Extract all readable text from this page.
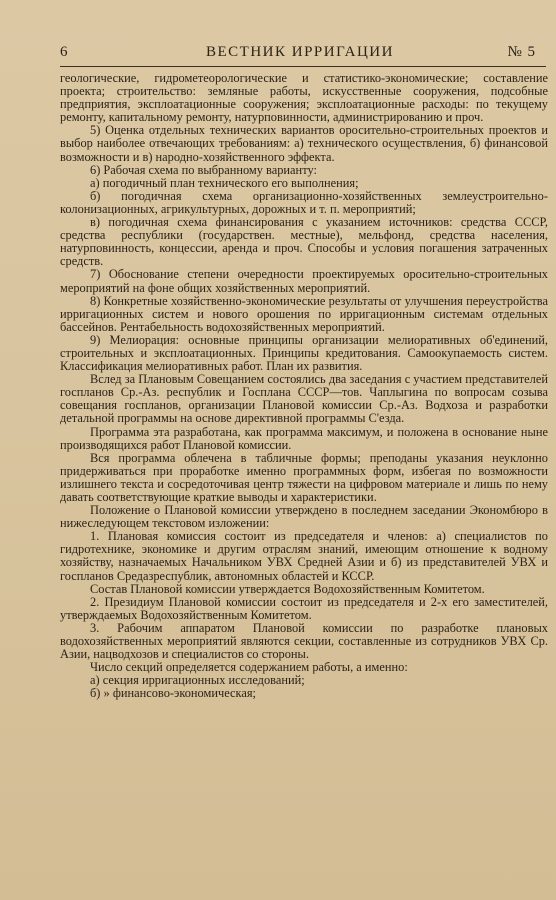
6	ВЕСТНИК ИРРИГАЦИИ	№ 5

геологические, гидрометеорологические и статистико-экономические; составление проекта; строительство: земляные работы, искусственные сооружения, подсобные предприятия, эксплоатационные сооружения; эксплоатационные расходы: по текущему ремонту, капитальному ремонту, натурповинности, администрированию и проч.

5) Оценка отдельных технических вариантов оросительно-строительных проектов и выбор наиболее отвечающих требованиям: а) технического осуществления, б) финансовой возможности и в) народно-хозяйственного эффекта.

6) Рабочая схема по выбранному варианту:

а) погодичный план технического его выполнения;

б) погодичная схема организационно-хозяйственных землеустроительно-колонизационных, агрикультурных, дорожных и т. п. мероприятий;

в) погодичная схема финансирования с указанием источников: средства СССР, средства республики (государствен. местные), мельфонд, средства населения, натурповинность, концессии, аренда и проч. Способы и условия погашения затраченных средств.

7) Обоснование степени очередности проектируемых оросительно-строительных мероприятий на фоне общих хозяйственных мероприятий.

8) Конкретные хозяйственно-экономические результаты от улучшения переустройства ирригационных систем и нового орошения по ирригационным системам отдельных бассейнов. Рентабельность водохозяйственных мероприятий.

9) Мелиорация: основные принципы организации мелиоративных об'единений, строительных и эксплоатационных. Принципы кредитования. Самоокупаемость систем. Классификация мелиоративных работ. План их развития.

Вслед за Плановым Совещанием состоялись два заседания с участием представителей госпланов Ср.-Аз. республик и Госплана СССР—тов. Чаплыгина по вопросам созыва совещания госпланов, организации Плановой комиссии Ср.-Аз. Водхоза и разработки детальной программы на основе директивной программы С'езда.

Программа эта разработана, как программа максимум, и положена в основание ныне производящихся работ Плановой комиссии.

Вся программа облечена в табличные формы; преподаны указания неуклонно придерживаться при проработке именно программных форм, избегая по возможности излишнего текста и сосредоточивая центр тяжести на цифровом материале и лишь по нему давать соответствующие краткие выводы и характеристики.

Положение о Плановой комиссии утверждено в последнем заседании Экономбюро в нижеследующем текстовом изложении:

1. Плановая комиссия состоит из председателя и членов: а) специалистов по гидротехнике, экономике и другим отраслям знаний, имеющим отношение к водному хозяйству, назначаемых Начальником УВХ Средней Азии и б) из представителей УВХ и госпланов Средазреспублик, автономных областей и КССР.

Состав Плановой комиссии утверждается Водохозяйственным Комитетом.

2. Президиум Плановой комиссии состоит из председателя и 2-х его заместителей, утверждаемых Водохозяйственным Комитетом.

3. Рабочим аппаратом Плановой комиссии по разработке плановых водохозяйственных мероприятий являются секции, составленные из сотрудников УВХ Ср. Азии, нацводхозов и специалистов со стороны.

Число секций определяется содержанием работы, а именно:

а) секция ирригационных исследований;

б) » финансово-экономическая;
